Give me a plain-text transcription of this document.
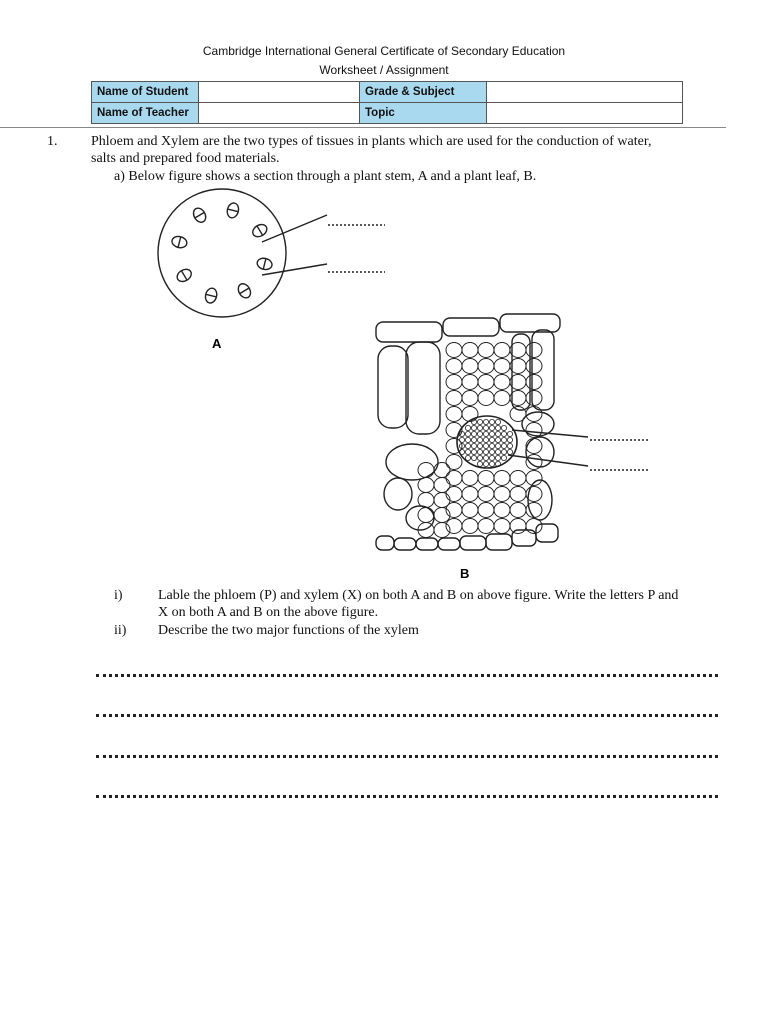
Cambridge International General Certificate of Secondary Education
Worksheet / Assignment
Name of Student		Grade & Subject	
Name of Teacher		Topic	
1. Phloem and Xylem are the two types of tissues in plants which are used for the conduction of water,
salts and prepared food materials.
a) Below figure shows a section through a plant stem, A and a plant leaf, B.
A
B
i)	Lable the phloem (P) and xylem (X) on both A and B on above figure. Write the letters P and
X on both A and B on the above figure.
ii) Describe the two major functions of the xylem
